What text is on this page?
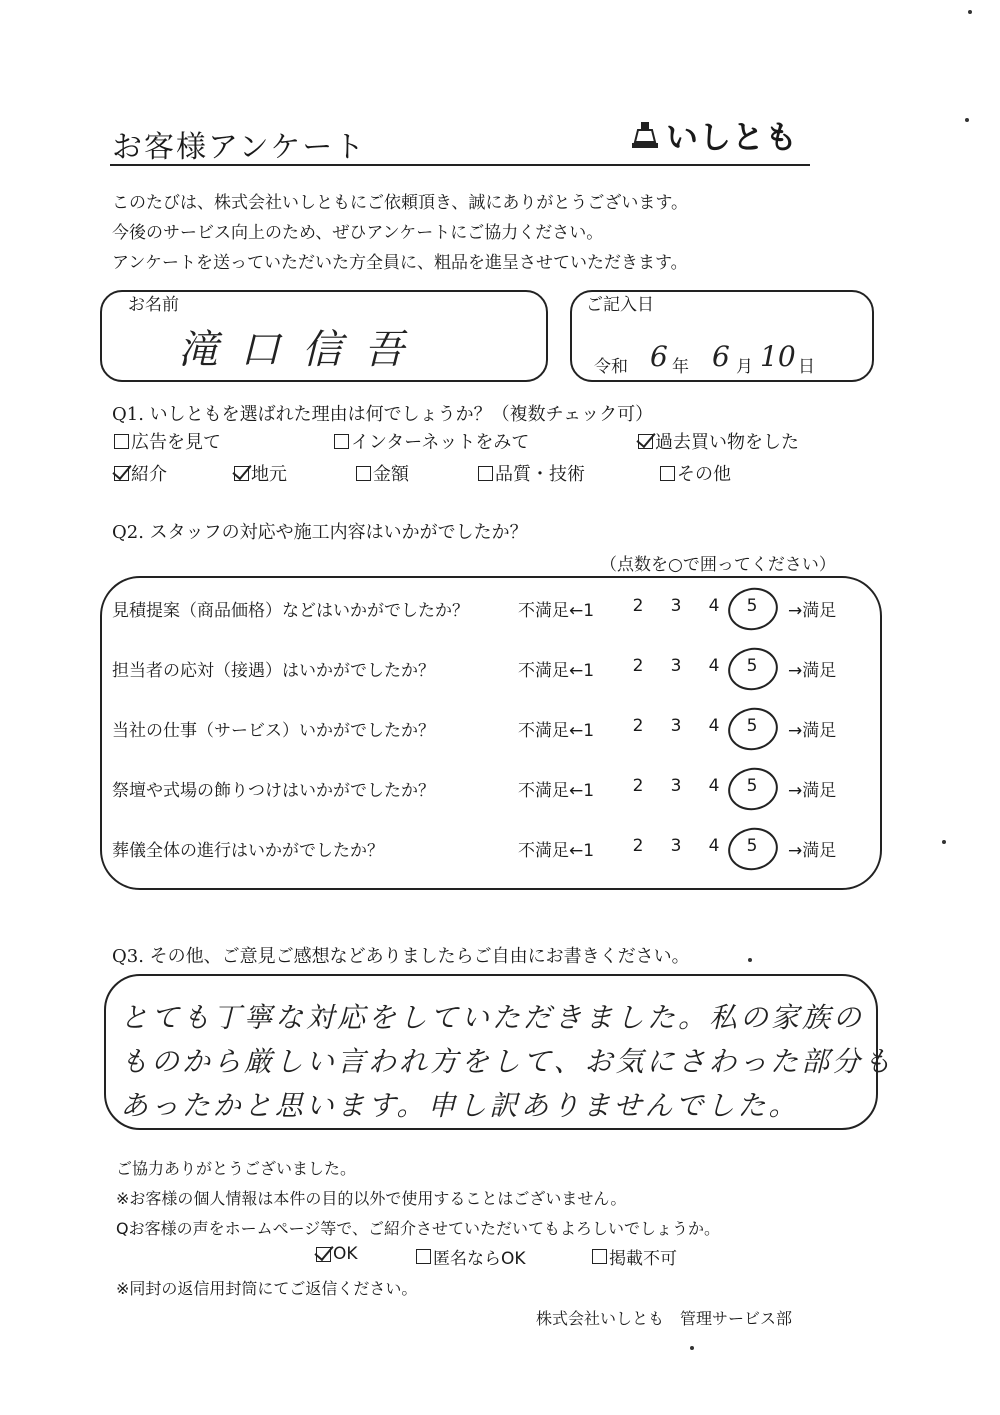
お客様アンケート	いしとも
このたびは、株式会社いしともにご依頼頂き、誠にありがとうございます。
今後のサービス向上のため、ぜひアンケートにご協力ください。
アンケートを送っていただいた方全員に、粗品を進呈させていただきます。
お名前
滝口信吾
ご記入日
令和 6 年 6 月 10 日
Q1. いしともを選ばれた理由は何でしょうか？（複数チェック可）
広告を見て	インターネットをみて	過去買い物をした
紹介	地元	金額	品質・技術	その他
Q2. スタッフの対応や施工内容はいかがでしたか？
（点数を○で囲ってください）
見積提案（商品価格）などはいかがでしたか？	不満足←1 2 3 4 5 →満足
担当者の応対（接遇）はいかがでしたか？	不満足←1 2 3 4 5 →満足
当社の仕事（サービス）いかがでしたか？	不満足←1 2 3 4 5 →満足
祭壇や式場の飾りつけはいかがでしたか？	不満足←1 2 3 4 5 →満足
葬儀全体の進行はいかがでしたか？	不満足←1 2 3 4 5 →満足
Q3. その他、ご意見ご感想などありましたらご自由にお書きください。
とても丁寧な対応をしていただきました。私の家族の
ものから厳しい言われ方をして、お気にさわった部分も
あったかと思います。申し訳ありませんでした。
ご協力ありがとうございました。
※お客様の個人情報は本件の目的以外で使用することはございません。
Qお客様の声をホームページ等で、ご紹介させていただいてもよろしいでしょうか。
OK	匿名ならOK	掲載不可
※同封の返信用封筒にてご返信ください。
株式会社いしとも　管理サービス部
